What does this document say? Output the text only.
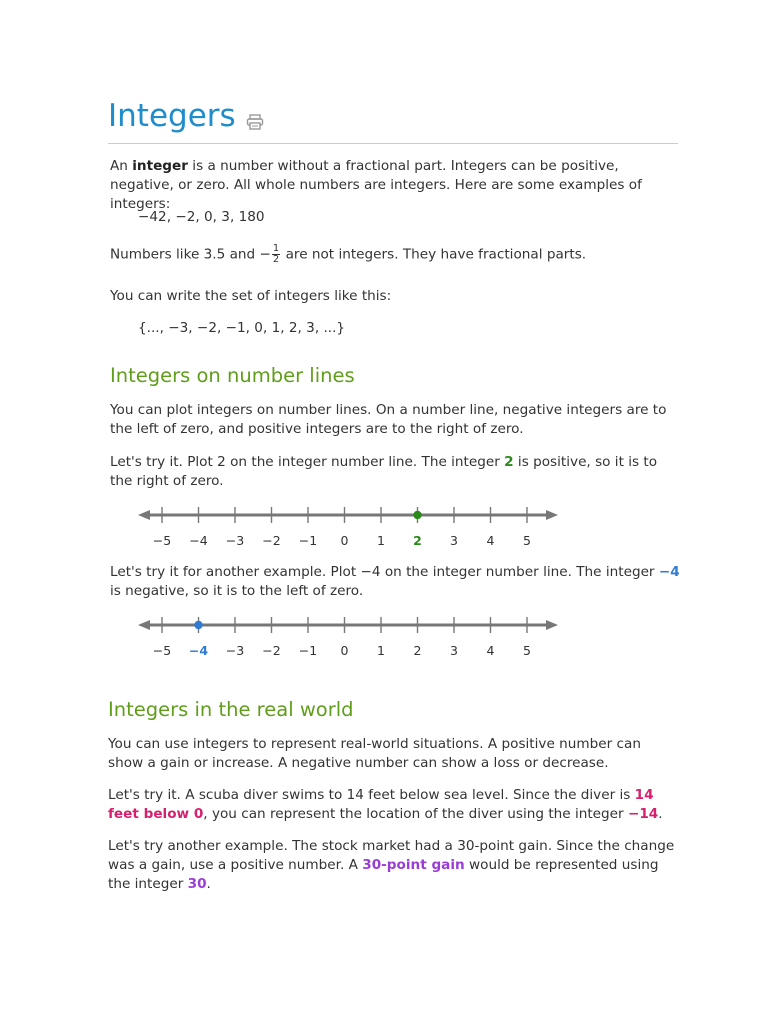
Integers

An integer is a number without a fractional part. Integers can be positive, negative, or zero. All whole numbers are integers. Here are some examples of integers:

−42, −2, 0, 3, 180

Numbers like 3.5 and − $\frac{1}{2}$ are not integers. They have fractional parts.

You can write the set of integers like this:

{..., −3, −2, −1, 0, 1, 2, 3, ...}

Integers on number lines

You can plot integers on number lines. On a number line, negative integers are to the left of zero, and positive integers are to the right of zero.

Let's try it. Plot 2 on the integer number line. The integer 2 is positive, so it is to the right of zero.

−5 −4 −3 −2 −1 0 1 2 3 4 5

Let's try it for another example. Plot −4 on the integer number line. The integer −4 is negative, so it is to the left of zero.

−5 −4 −3 −2 −1 0 1 2 3 4 5
Integers in the real world

You can use integers to represent real-world situations. A positive number can show a gain or increase. A negative number can show a loss or decrease.

Let's try it. A scuba diver swims to 14 feet below sea level. Since the diver is 14 feet below 0, you can represent the location of the diver using the integer −14.

Let's try another example. The stock market had a 30-point gain. Since the change was a gain, use a positive number. A 30-point gain would be represented using the integer 30.
